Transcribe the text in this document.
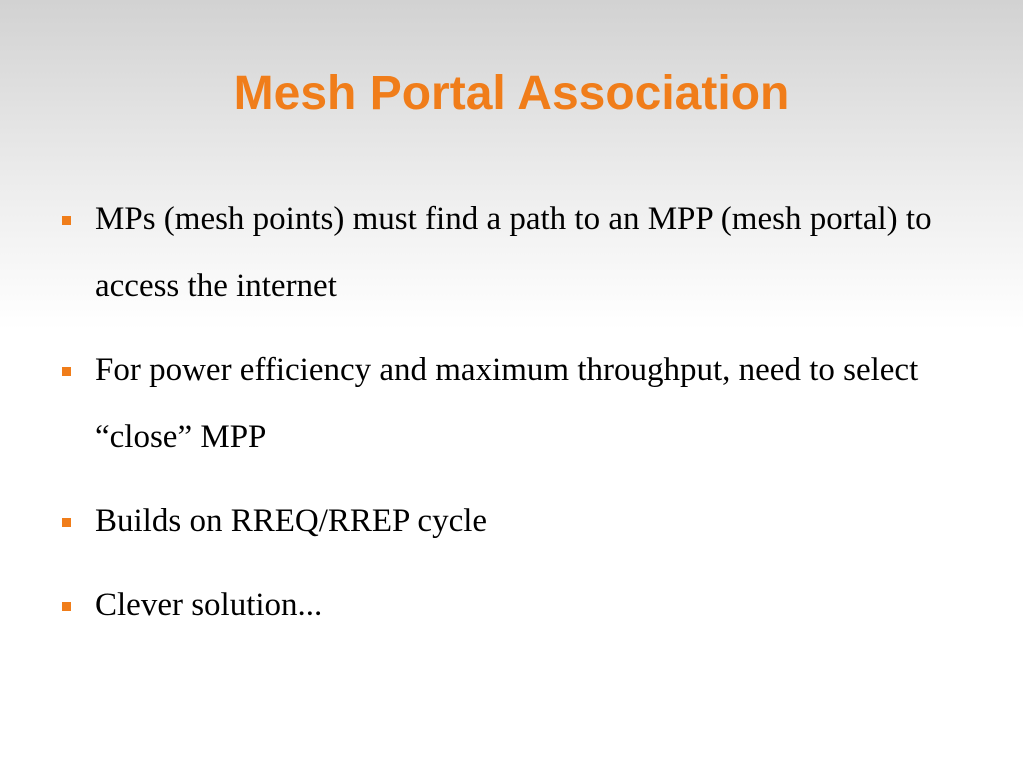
Mesh Portal Association
MPs (mesh points) must find a path to an MPP (mesh portal) to access the internet
For power efficiency and maximum throughput, need to select “close” MPP
Builds on RREQ/RREP cycle
Clever solution...
